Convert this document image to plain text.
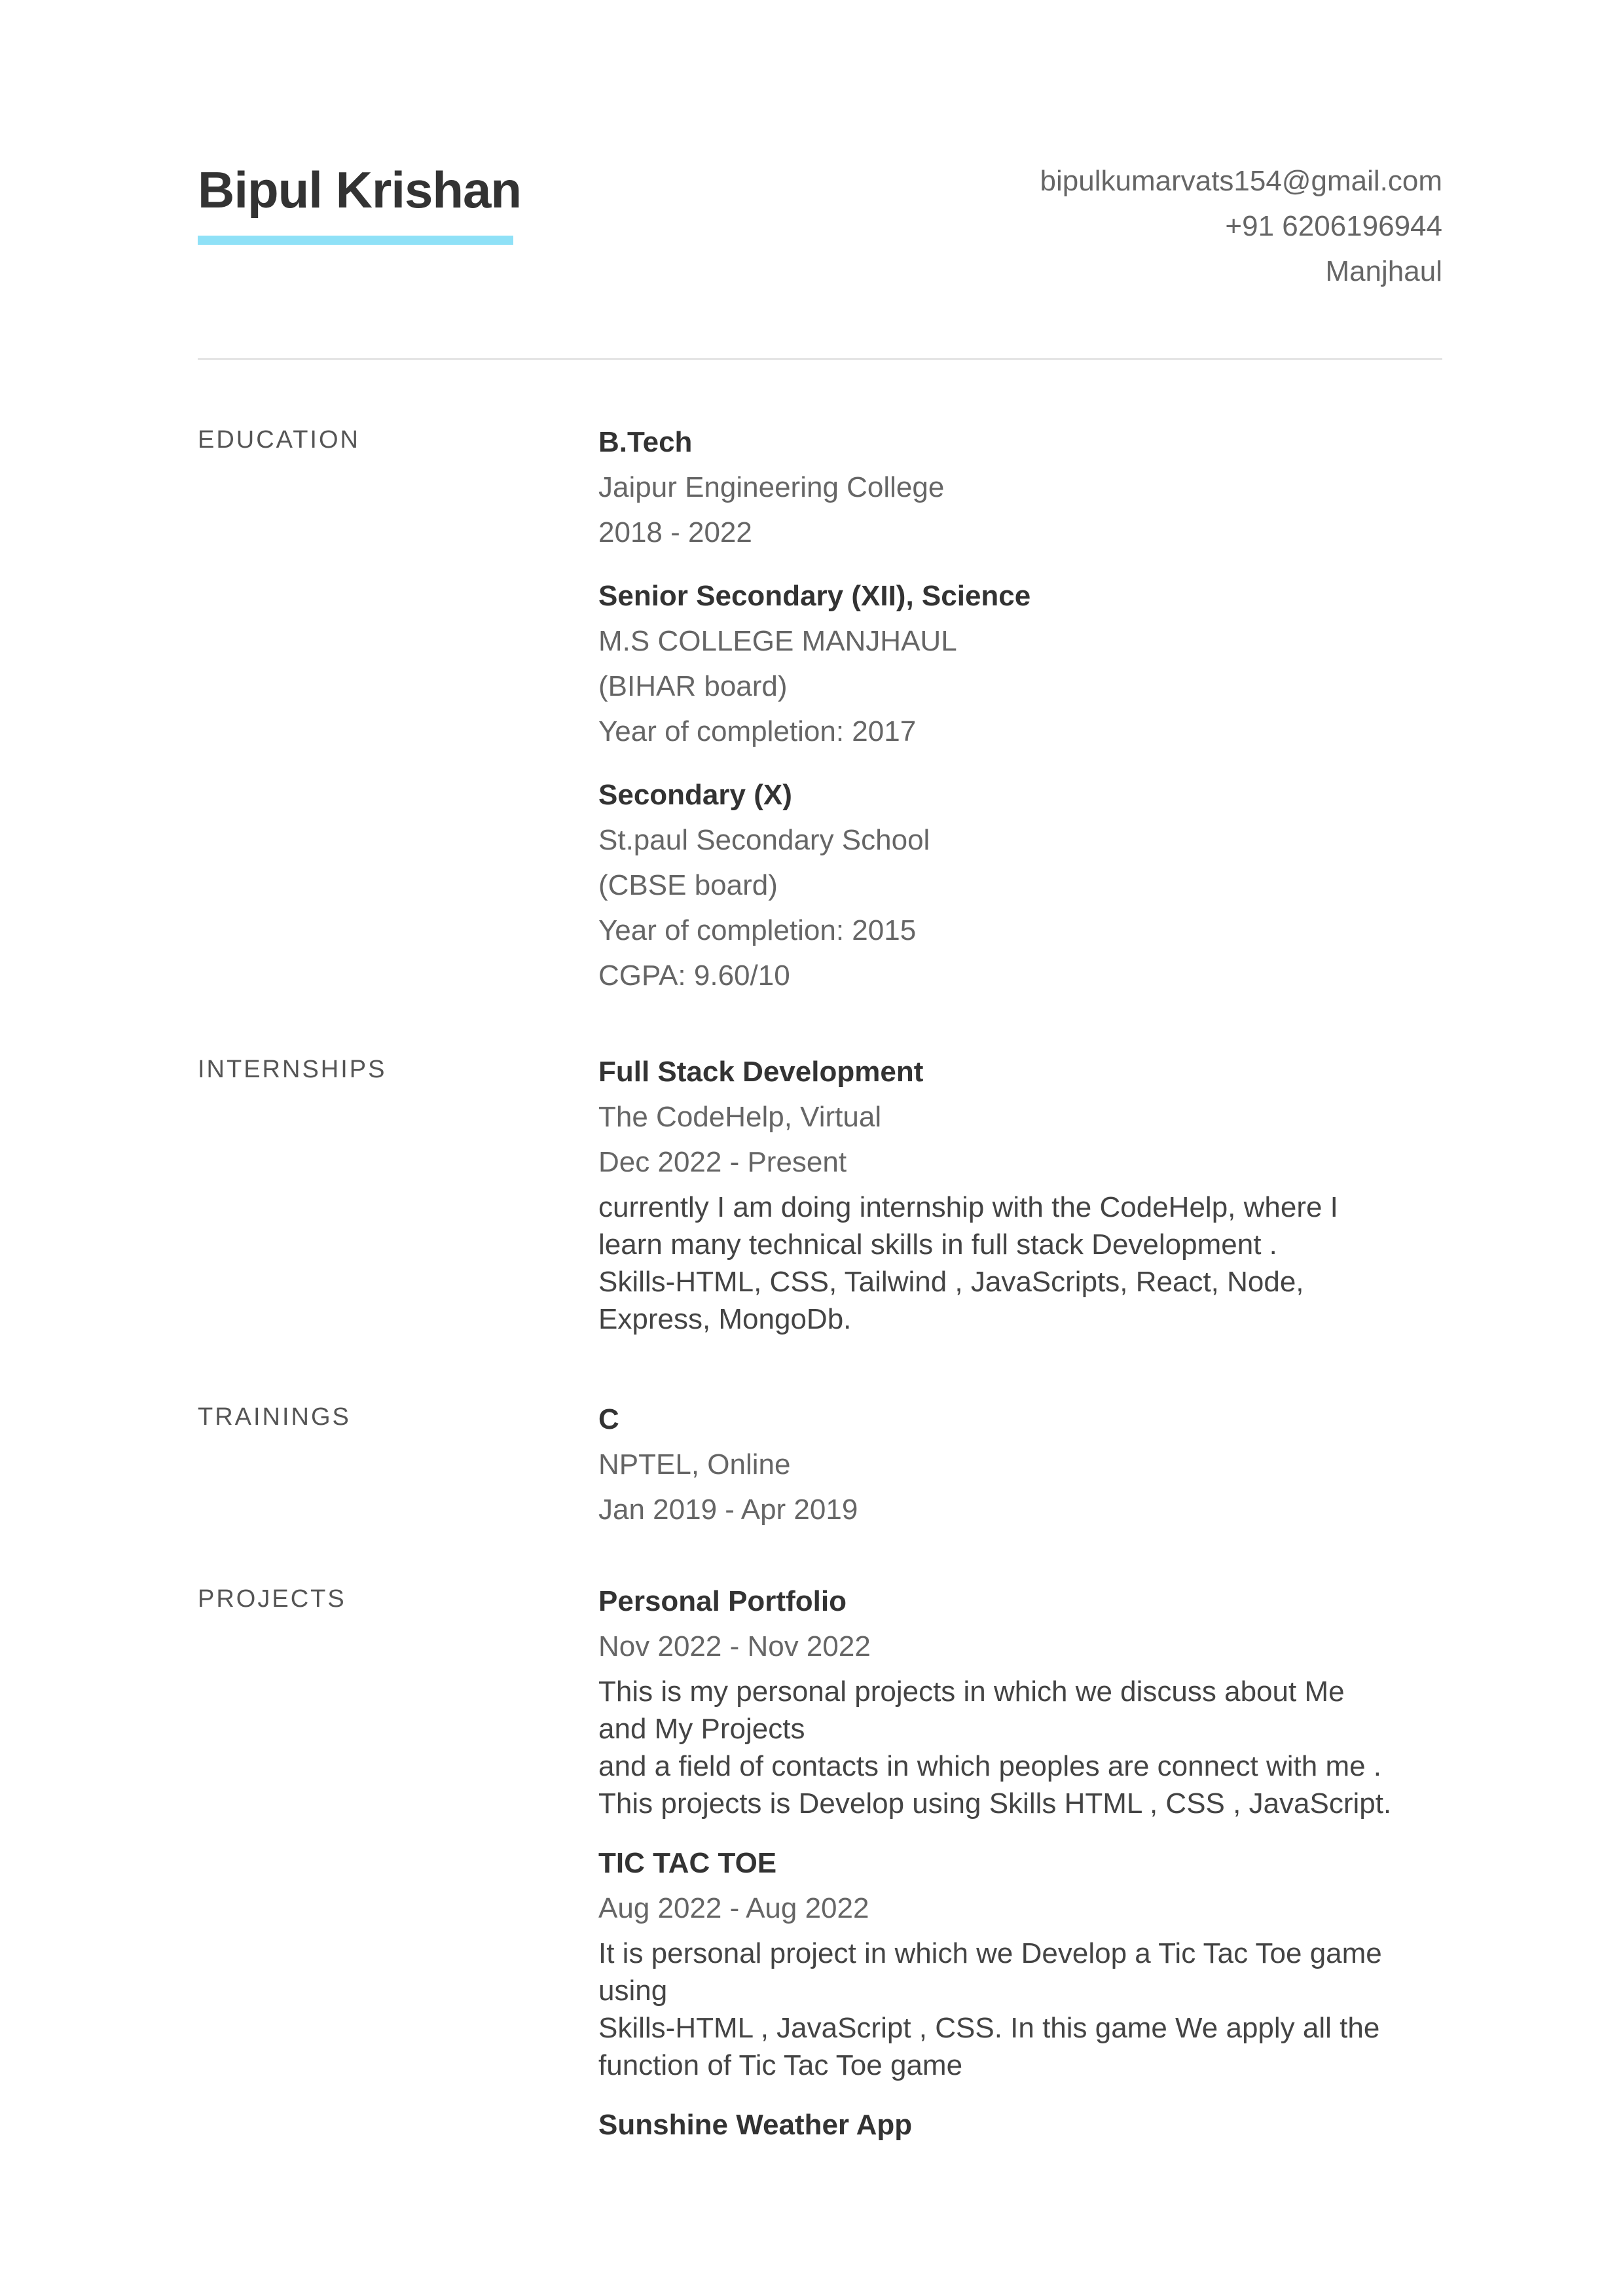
Bipul Krishan	bipulkumarvats154@gmail.com
+91 6206196944
Manjhaul
EDUCATION	B.Tech
Jaipur Engineering College
2018 - 2022
Senior Secondary (XII), Science
M.S COLLEGE MANJHAUL
(BIHAR board)
Year of completion: 2017
Secondary (X)
St.paul Secondary School
(CBSE board)
Year of completion: 2015
CGPA: 9.60/10
INTERNSHIPS	Full Stack Development
The CodeHelp, Virtual
Dec 2022 - Present
currently I am doing internship with the CodeHelp, where I
learn many technical skills in full stack Development .
Skills-HTML, CSS, Tailwind , JavaScripts, React, Node,
Express, MongoDb.
TRAININGS	C
NPTEL, Online
Jan 2019 - Apr 2019
PROJECTS	Personal Portfolio
Nov 2022 - Nov 2022
This is my personal projects in which we discuss about Me
and My Projects
and a field of contacts in which peoples are connect with me .
This projects is Develop using Skills HTML , CSS , JavaScript.
TIC TAC TOE
Aug 2022 - Aug 2022
It is personal project in which we Develop a Tic Tac Toe game
using
Skills-HTML , JavaScript , CSS. In this game We apply all the
function of Tic Tac Toe game
Sunshine Weather App
